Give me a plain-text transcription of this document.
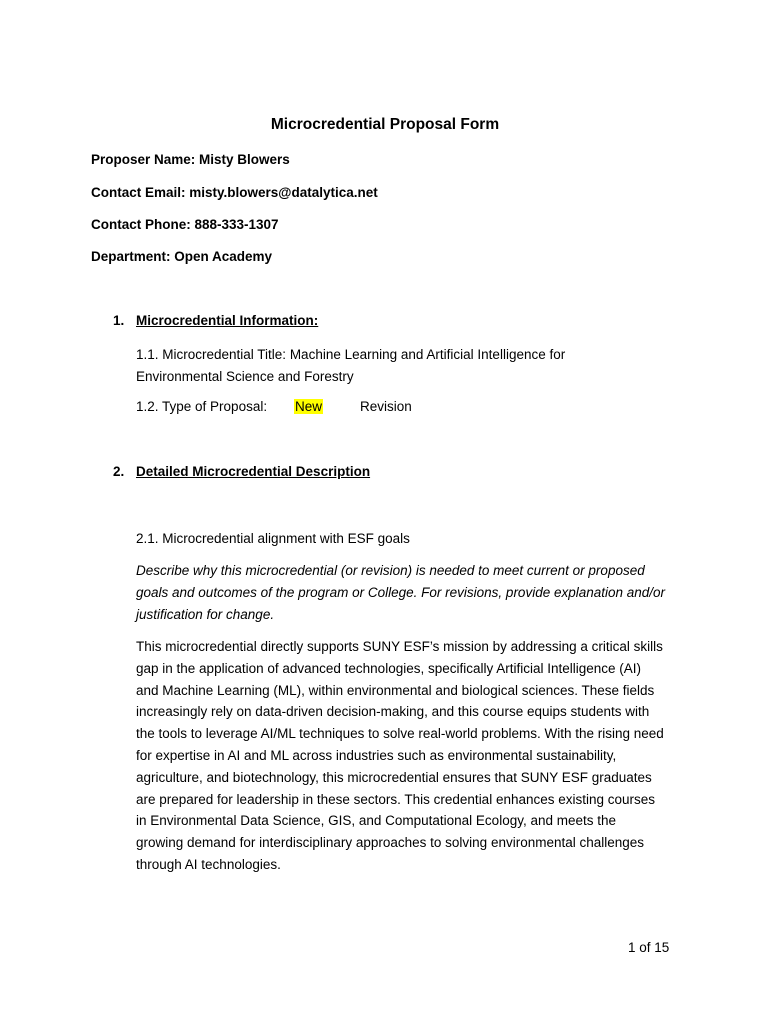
Microcredential Proposal Form
Proposer Name: Misty Blowers
Contact Email: misty.blowers@datalytica.net
Contact Phone: 888-333-1307
Department: Open Academy
1. Microcredential Information:
1.1. Microcredential Title: Machine Learning and Artificial Intelligence for Environmental Science and Forestry
1.2. Type of Proposal: New	Revision
2. Detailed Microcredential Description
2.1. Microcredential alignment with ESF goals
Describe why this microcredential (or revision) is needed to meet current or proposed goals and outcomes of the program or College. For revisions, provide explanation and/or justification for change.
This microcredential directly supports SUNY ESF’s mission by addressing a critical skills gap in the application of advanced technologies, specifically Artificial Intelligence (AI) and Machine Learning (ML), within environmental and biological sciences. These fields increasingly rely on data-driven decision-making, and this course equips students with the tools to leverage AI/ML techniques to solve real-world problems. With the rising need for expertise in AI and ML across industries such as environmental sustainability, agriculture, and biotechnology, this microcredential ensures that SUNY ESF graduates are prepared for leadership in these sectors. This credential enhances existing courses in Environmental Data Science, GIS, and Computational Ecology, and meets the growing demand for interdisciplinary approaches to solving environmental challenges through AI technologies.
1 of 15
